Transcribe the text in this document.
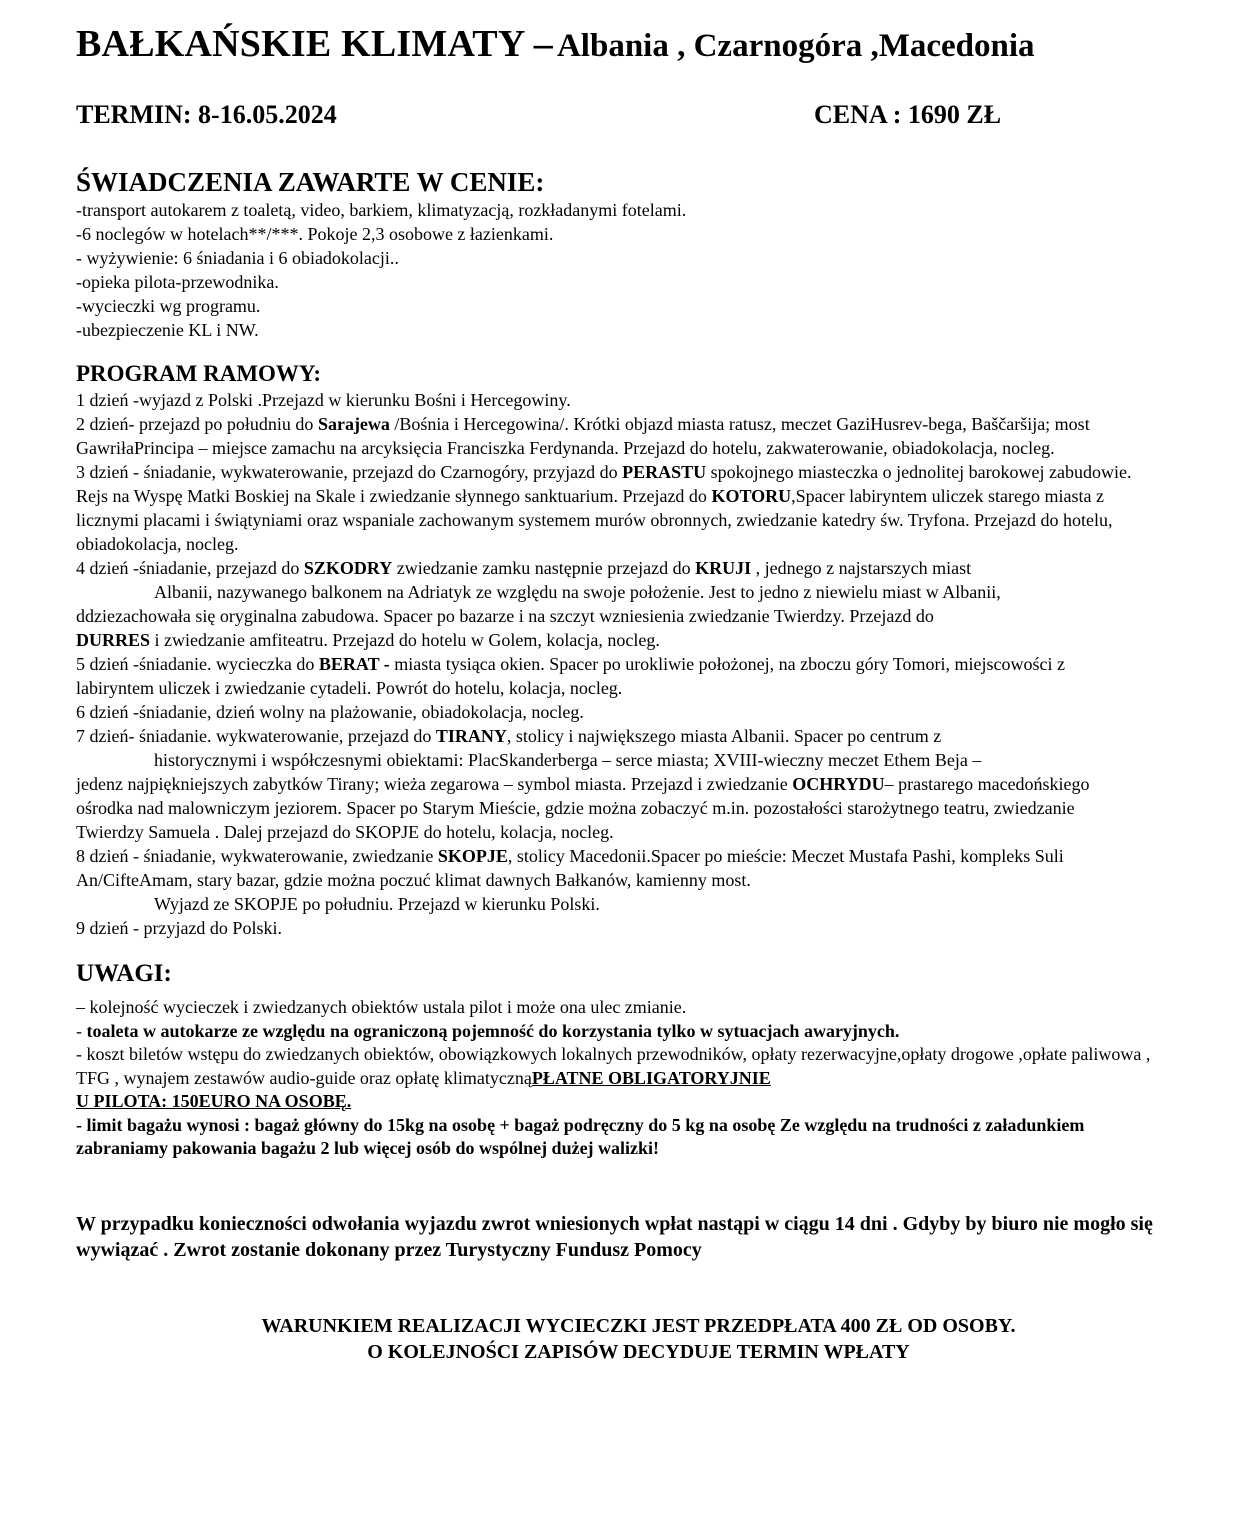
BAŁKAŃSKIE KLIMATY – Albania , Czarnogóra ,Macedonia
TERMIN: 8-16.05.2024	CENA : 1690 ZŁ
ŚWIADCZENIA ZAWARTE W CENIE:
-transport autokarem z toaletą, video, barkiem, klimatyzacją, rozkładanymi fotelami.
-6 noclegów w hotelach**/***. Pokoje 2,3 osobowe z łazienkami.
- wyżywienie: 6 śniadania i 6 obiadokolacji..
-opieka pilota-przewodnika.
-wycieczki wg programu.
-ubezpieczenie KL i NW.
PROGRAM RAMOWY:
1 dzień -wyjazd z Polski .Przejazd w kierunku Bośni i Hercegowiny.
2 dzień- przejazd po południu do Sarajewa /Bośnia i Hercegowina/. Krótki objazd miasta ratusz, meczet GaziHusrev-bega, Baščaršija; most GawriłaPrincipa – miejsce zamachu na arcyksięcia Franciszka Ferdynanda. Przejazd do hotelu, zakwaterowanie, obiadokolacja, nocleg.
3 dzień - śniadanie, wykwaterowanie, przejazd do Czarnogóry, przyjazd do PERASTU spokojnego miasteczka o jednolitej barokowej zabudowie. Rejs na Wyspę Matki Boskiej na Skale i zwiedzanie słynnego sanktuarium. Przejazd do KOTORU,Spacer labiryntem uliczek starego miasta z licznymi placami i świątyniami oraz wspaniale zachowanym systemem murów obronnych, zwiedzanie katedry św. Tryfona. Przejazd do hotelu, obiadokolacja, nocleg.
4 dzień -śniadanie, przejazd do SZKODRY zwiedzanie zamku następnie przejazd do KRUJI , jednego z najstarszych miast
Albanii, nazywanego balkonem na Adriatyk ze względu na swoje położenie. Jest to jedno z niewielu miast w Albanii,
ddziezachowała się oryginalna zabudowa. Spacer po bazarze i na szczyt wzniesienia zwiedzanie Twierdzy. Przejazd do
DURRES i zwiedzanie amfiteatru. Przejazd do hotelu w Golem, kolacja, nocleg.
5 dzień -śniadanie. wycieczka do BERAT - miasta tysiąca okien. Spacer po urokliwie położonej, na zboczu góry Tomori, miejscowości z labiryntem uliczek i zwiedzanie cytadeli. Powrót do hotelu, kolacja, nocleg.
6 dzień -śniadanie, dzień wolny na plażowanie, obiadokolacja, nocleg.
7 dzień- śniadanie. wykwaterowanie, przejazd do TIRANY, stolicy i największego miasta Albanii. Spacer po centrum z
historycznymi i współczesnymi obiektami: PlacSkanderberga – serce miasta; XVIII-wieczny meczet Ethem Beja –
jedenz najpiękniejszych zabytków Tirany; wieża zegarowa – symbol miasta. Przejazd i zwiedzanie OCHRYDU– prastarego macedońskiego ośrodka nad malowniczym jeziorem. Spacer po Starym Mieście, gdzie można zobaczyć m.in. pozostałości starożytnego teatru, zwiedzanie Twierdzy Samuela . Dalej przejazd do SKOPJE do hotelu, kolacja, nocleg.
8 dzień - śniadanie, wykwaterowanie, zwiedzanie SKOPJE, stolicy Macedonii.Spacer po mieście: Meczet Mustafa Pashi, kompleks Suli An/CifteAmam, stary bazar, gdzie można poczuć klimat dawnych Bałkanów, kamienny most.
Wyjazd ze SKOPJE po południu. Przejazd w kierunku Polski.
9 dzień - przyjazd do Polski.
UWAGI:
– kolejność wycieczek i zwiedzanych obiektów ustala pilot i może ona ulec zmianie.
- toaleta w autokarze ze względu na ograniczoną pojemność do korzystania tylko w sytuacjach awaryjnych.
- koszt biletów wstępu do zwiedzanych obiektów, obowiązkowych lokalnych przewodników, opłaty rezerwacyjne,opłaty drogowe ,opłate paliwowa , TFG , wynajem zestawów audio-guide oraz opłatę klimatycznąPŁATNE OBLIGATORYJNIE
U PILOTA: 150EURO NA OSOBĘ.
- limit bagażu wynosi : bagaż główny do 15kg na osobę + bagaż podręczny do 5 kg na osobę Ze względu na trudności z załadunkiem zabraniamy pakowania bagażu 2 lub więcej osób do wspólnej dużej walizki!
W przypadku konieczności odwołania wyjazdu zwrot wniesionych wpłat nastąpi w ciągu 14 dni . Gdyby by biuro nie mogło się wywiązać . Zwrot zostanie dokonany przez Turystyczny Fundusz Pomocy
WARUNKIEM REALIZACJI WYCIECZKI JEST PRZEDPŁATA 400 ZŁ OD OSOBY.
O KOLEJNOŚCI ZAPISÓW DECYDUJE TERMIN WPŁATY
